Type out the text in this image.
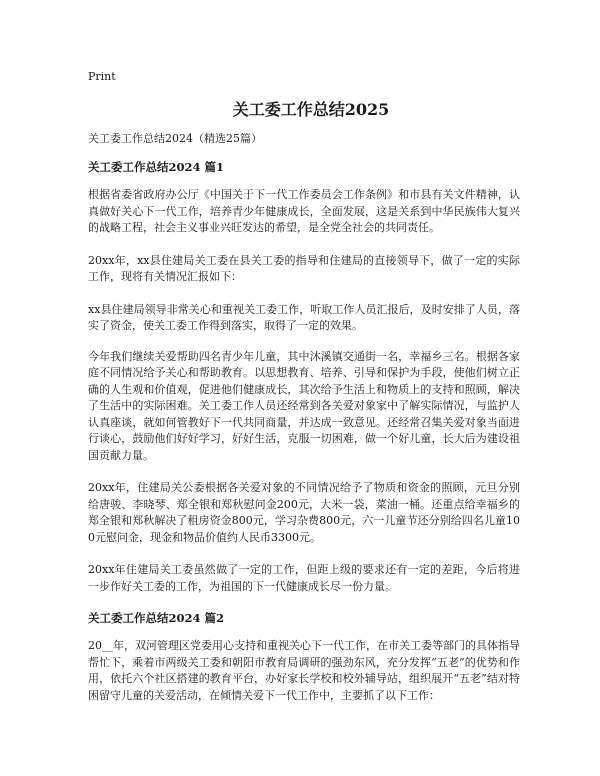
Print
关工委工作总结2025
关工委工作总结2024（精选25篇）
关工委工作总结2024 篇1

根据省委省政府办公厅《中国关于下一代工作委员会工作条例》和市县有关文件精神，认真做好关心下一代工作，培养青少年健康成长，全面发展，这是关系到中华民族伟大复兴的战略工程，社会主义事业兴旺发达的希望，是全党全社会的共同责任。

20xx年，xx县住建局关工委在县关工委的指导和住建局的直接领导下，做了一定的实际工作，现将有关情况汇报如下：

xx县住建局领导非常关心和重视关工委工作，听取工作人员汇报后，及时安排了人员，落实了资金，使关工委工作得到落实，取得了一定的效果。

今年我们继续关爱帮助四名青少年儿童，其中沐溪镇交通街一名，幸福乡三名。根据各家庭不同情况给予关心和帮助教育。以思想教育、培养、引导和保护为手段，使他们树立正确的人生观和价值观，促进他们健康成长，其次给予生活上和物质上的支持和照顾，解决了生活中的实际困难。关工委工作人员还经常到各关爱对象家中了解实际情况，与监护人认真座谈，就如何管教好下一代共同商量，并达成一致意见。还经常召集关爱对象当面进行谈心，鼓励他们好好学习，好好生活，克服一切困难，做一个好儿童，长大后为建设祖国贡献力量。

20xx年，住建局关公委根据各关爱对象的不同情况给予了物质和资金的照顾，元旦分别给唐骏、李晓琴、郑全银和郑秋慰问金200元，大米一袋，菜油一桶。还重点给幸福乡的郑全银和郑秋解决了租房资金800元，学习杂费800元，六一儿童节还分别给四名儿童100元慰问金，现金和物品价值约人民币3300元。

20xx年住建局关工委虽然做了一定的工作，但距上级的要求还有一定的差距，今后将进一步作好关工委的工作，为祖国的下一代健康成长尽一份力量。

关工委工作总结2024 篇2

20__年，双河管理区党委用心支持和重视关心下一代工作，在市关工委等部门的具体指导帮忙下，乘着市两级关工委和朝阳市教育局调研的强劲东风，充分发挥“五老”的优势和作用，依托六个社区搭建的教育平台，办好家长学校和校外辅导站，组织展开“五老”结对特困留守儿童的关爱活动，在倾情关爱下一代工作中，主要抓了以下工作：
